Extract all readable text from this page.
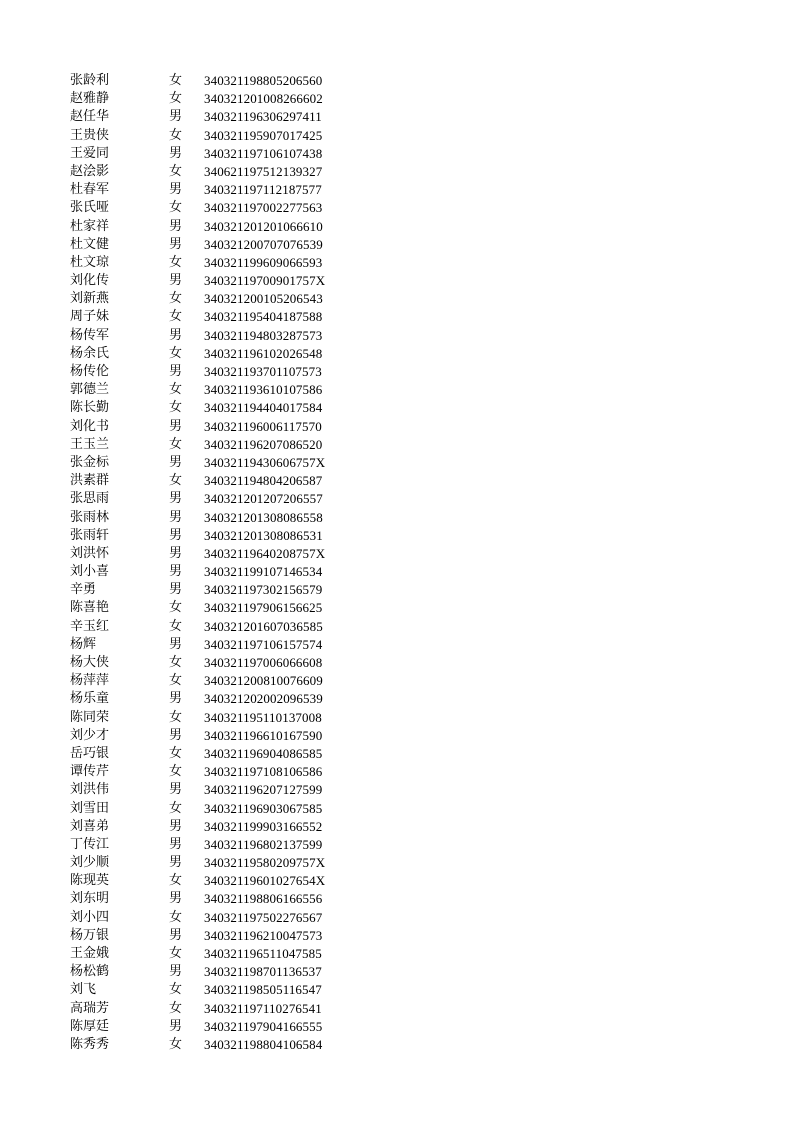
张龄利	女	340321198805206560
赵雅静	女	340321201008266602
赵任华	男	340321196306297411
王贵侠	女	340321195907017425
王爱同	男	340321197106107438
赵浍影	女	340621197512139327
杜春军	男	340321197112187577
张氏哑	女	340321197002277563
杜家祥	男	340321201201066610
杜文健	男	340321200707076539
杜文琼	女	340321199609066593
刘化传	男	34032119700901757X
刘新燕	女	340321200105206543
周子妹	女	340321195404187588
杨传军	男	340321194803287573
杨余氏	女	340321196102026548
杨传伦	男	340321193701107573
郭德兰	女	340321193610107586
陈长勤	女	340321194404017584
刘化书	男	340321196006117570
王玉兰	女	340321196207086520
张金标	男	34032119430606757X
洪素群	女	340321194804206587
张思雨	男	340321201207206557
张雨林	男	340321201308086558
张雨轩	男	340321201308086531
刘洪怀	男	34032119640208757X
刘小喜	男	340321199107146534
辛勇	男	340321197302156579
陈喜艳	女	340321197906156625
辛玉红	女	340321201607036585
杨辉	男	340321197106157574
杨大侠	女	340321197006066608
杨萍萍	女	340321200810076609
杨乐童	男	340321202002096539
陈同荣	女	340321195110137008
刘少才	男	340321196610167590
岳巧银	女	340321196904086585
谭传芹	女	340321197108106586
刘洪伟	男	340321196207127599
刘雪田	女	340321196903067585
刘喜弟	男	340321199903166552
丁传江	男	340321196802137599
刘少顺	男	34032119580209757X
陈现英	女	34032119601027654X
刘东明	男	340321198806166556
刘小四	女	340321197502276567
杨万银	男	340321196210047573
王金娥	女	340321196511047585
杨松鹤	男	340321198701136537
刘飞	女	340321198505116547
高瑞芳	女	340321197110276541
陈厚廷	男	340321197904166555
陈秀秀	女	340321198804106584
